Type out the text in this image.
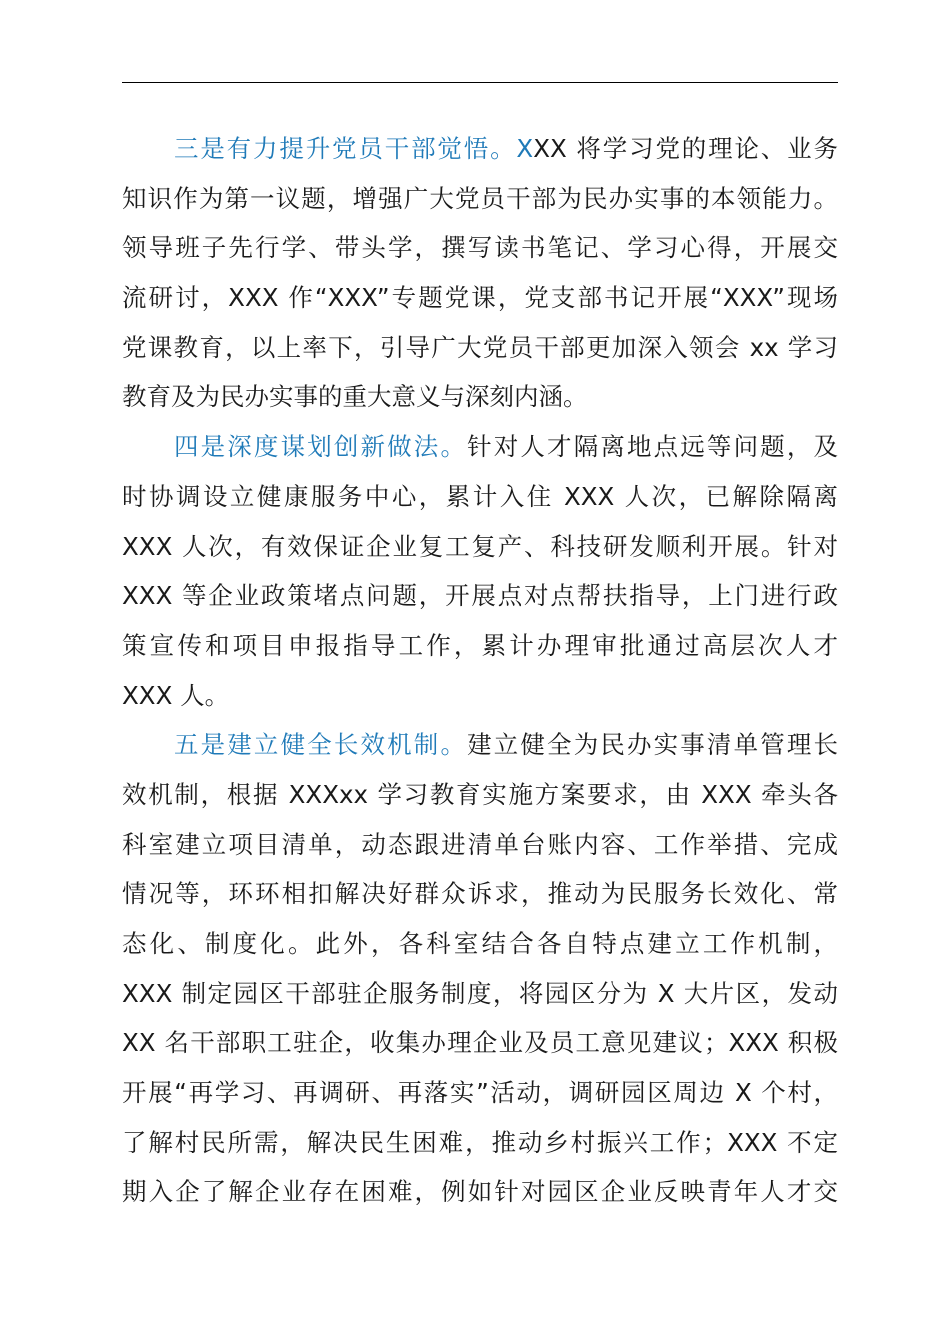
三是有力提升党员干部觉悟。XXX 将学习党的理论、业务
知识作为第一议题，增强广大党员干部为民办实事的本领能力。
领导班子先行学、带头学，撰写读书笔记、学习心得，开展交
流研讨，XXX 作“XXX”专题党课，党支部书记开展“XXX”现场
党课教育，以上率下，引导广大党员干部更加深入领会 xx 学习
教育及为民办实事的重大意义与深刻内涵。
四是深度谋划创新做法。针对人才隔离地点远等问题，及
时协调设立健康服务中心，累计入住 XXX 人次，已解除隔离
XXX 人次，有效保证企业复工复产、科技研发顺利开展。针对
XXX 等企业政策堵点问题，开展点对点帮扶指导，上门进行政
策宣传和项目申报指导工作，累计办理审批通过高层次人才
XXX 人。
五是建立健全长效机制。建立健全为民办实事清单管理长
效机制，根据 XXXxx 学习教育实施方案要求，由 XXX 牵头各
科室建立项目清单，动态跟进清单台账内容、工作举措、完成
情况等，环环相扣解决好群众诉求，推动为民服务长效化、常
态化、制度化。此外，各科室结合各自特点建立工作机制，
XXX 制定园区干部驻企服务制度，将园区分为 X 大片区，发动
XX 名干部职工驻企，收集办理企业及员工意见建议；XXX 积极
开展“再学习、再调研、再落实”活动，调研园区周边 X 个村，
了解村民所需，解决民生困难，推动乡村振兴工作；XXX 不定
期入企了解企业存在困难，例如针对园区企业反映青年人才交
